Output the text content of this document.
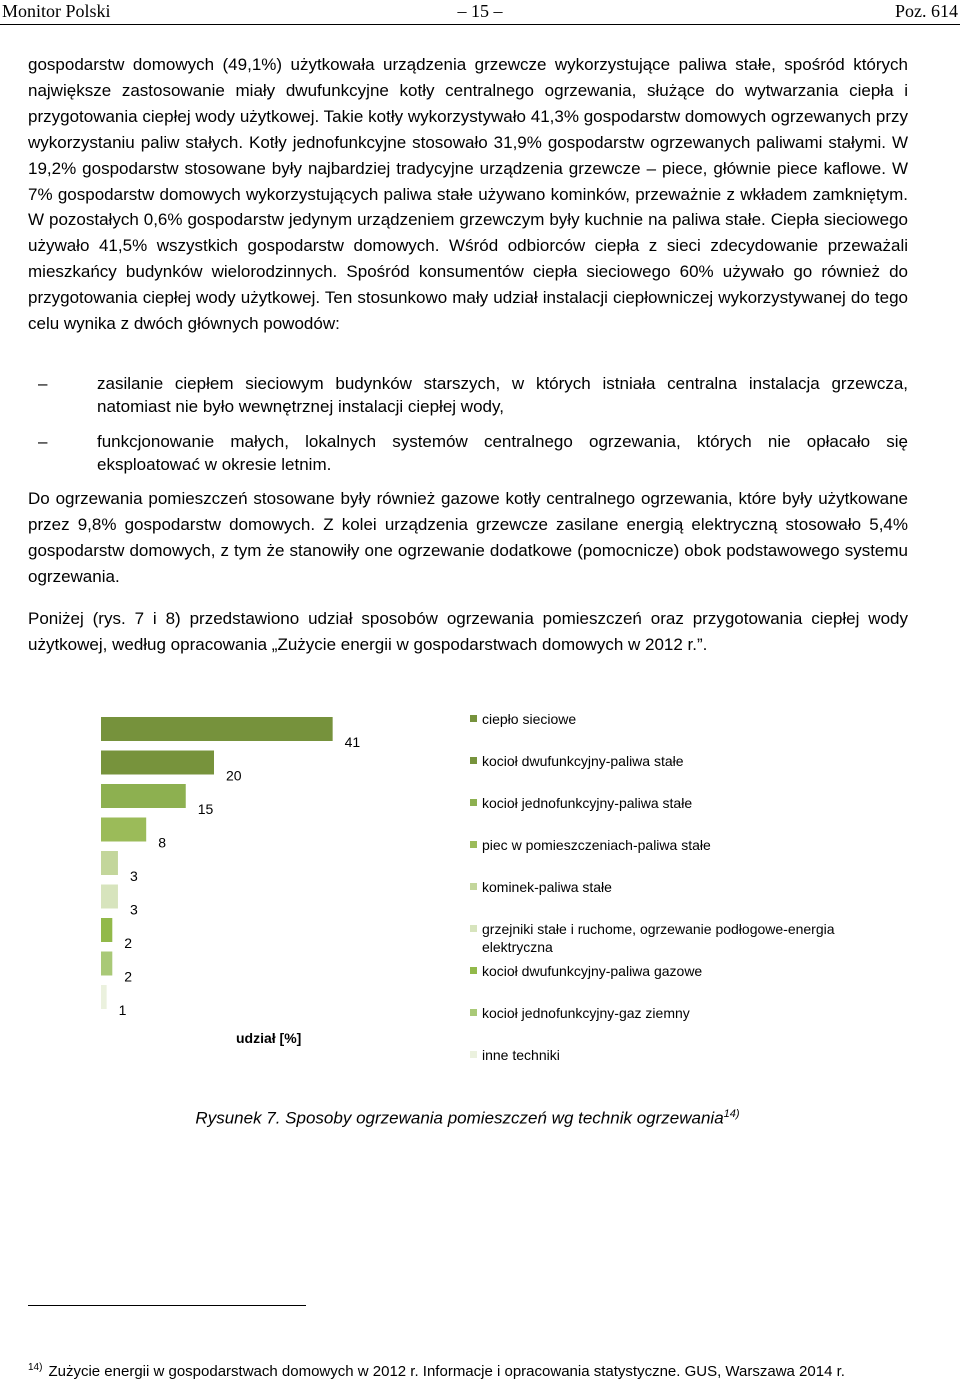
Monitor Polski	– 15 –	Poz. 614

gospodarstw domowych (49,1%) użytkowała urządzenia grzewcze wykorzystujące paliwa stałe, spośród których największe zastosowanie miały dwufunkcyjne kotły centralnego ogrzewania, służące do wytwarzania ciepła i przygotowania ciepłej wody użytkowej. Takie kotły wykorzystywało 41,3% gospodarstw domowych ogrzewanych przy wykorzystaniu paliw stałych. Kotły jednofunkcyjne stosowało 31,9% gospodarstw ogrzewanych paliwami stałymi. W 19,2% gospodarstw stosowane były najbardziej tradycyjne urządzenia grzewcze – piece, głównie piece kaflowe. W 7% gospodarstw domowych wykorzystujących paliwa stałe używano kominków, przeważnie z wkładem zamkniętym. W pozostałych 0,6% gospodarstw jedynym urządzeniem grzewczym były kuchnie na paliwa stałe. Ciepła sieciowego używało 41,5% wszystkich gospodarstw domowych. Wśród odbiorców ciepła z sieci zdecydowanie przeważali mieszkańcy budynków wielorodzinnych. Spośród konsumentów ciepła sieciowego 60% używało go również do przygotowania ciepłej wody użytkowej. Ten stosunkowo mały udział instalacji ciepłowniczej wykorzystywanej do tego celu wynika z dwóch głównych powodów:

–	zasilanie ciepłem sieciowym budynków starszych, w których istniała centralna instalacja grzewcza, natomiast nie było wewnętrznej instalacji ciepłej wody,
–	funkcjonowanie małych, lokalnych systemów centralnego ogrzewania, których nie opłacało się eksploatować w okresie letnim.

Do ogrzewania pomieszczeń stosowane były również gazowe kotły centralnego ogrzewania, które były użytkowane przez 9,8% gospodarstw domowych. Z kolei urządzenia grzewcze zasilane energią elektryczną stosowało 5,4% gospodarstw domowych, z tym że stanowiły one ogrzewanie dodatkowe (pomocnicze) obok podstawowego systemu ogrzewania.

Poniżej (rys. 7 i 8) przedstawiono udział sposobów ogrzewania pomieszczeń oraz przygotowania ciepłej wody użytkowej, według opracowania „Zużycie energii w gospodarstwach domowych w 2012 r.”.

41
20
15
8
3
3
2
2
1
ciepło sieciowe
kocioł dwufunkcyjny-paliwa stałe
kocioł jednofunkcyjny-paliwa stałe
piec w pomieszczeniach-paliwa stałe
kominek-paliwa stałe
grzejniki stałe i ruchome, ogrzewanie podłogowe-energia elektryczna
kocioł dwufunkcyjny-paliwa gazowe
kocioł jednofunkcyjny-gaz ziemny
inne techniki
udział [%]
Rysunek 7. Sposoby ogrzewania pomieszczeń wg technik ogrzewania$^{14)}$
$^{14)}$ Zużycie energii w gospodarstwach domowych w 2012 r. Informacje i opracowania statystyczne. GUS, Warszawa 2014 r.
